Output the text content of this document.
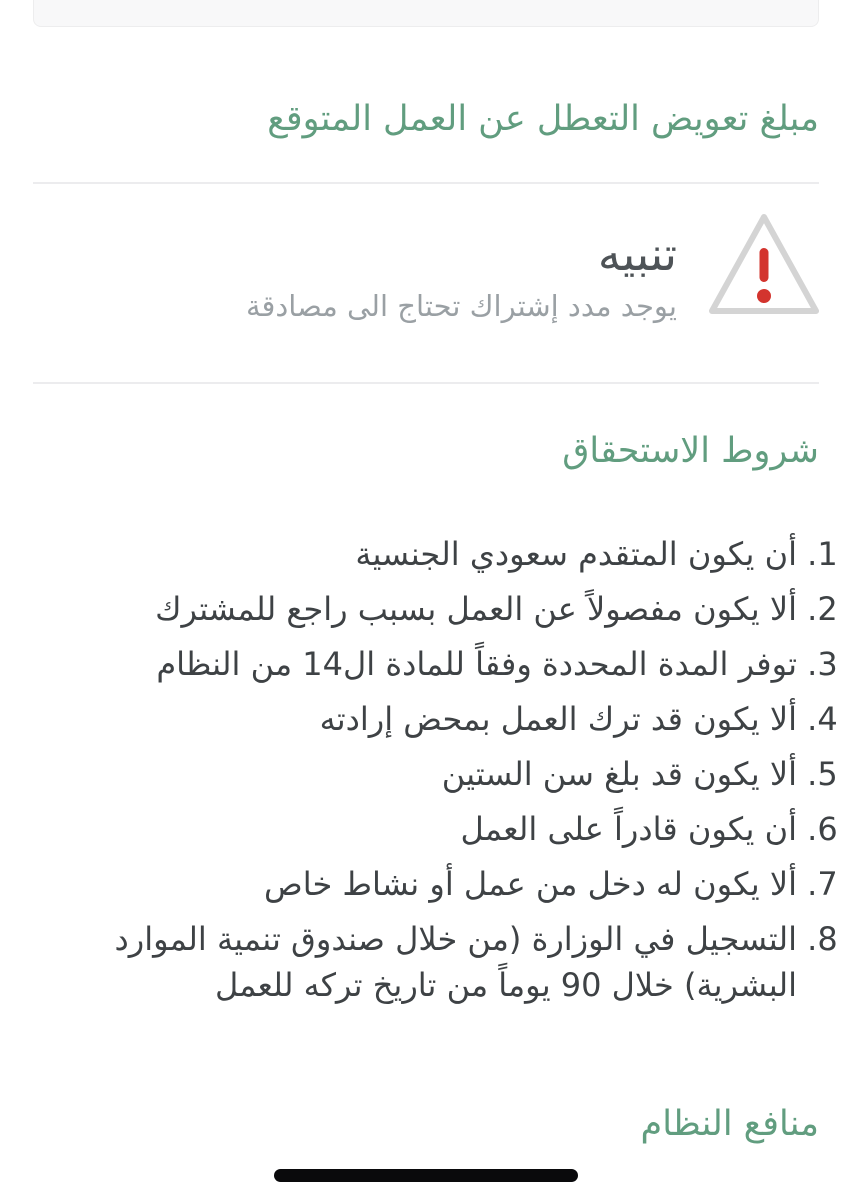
مبلغ تعويض التعطل عن العمل المتوقع
تنبيه
يوجد مدد إشتراك تحتاج الى مصادقة
شروط الاستحقاق
1. أن يكون المتقدم سعودي الجنسية
2. ألا يكون مفصولاً عن العمل بسبب راجع للمشترك
3. توفر المدة المحددة وفقاً للمادة ال14 من النظام
4. ألا يكون قد ترك العمل بمحض إرادته
5. ألا يكون قد بلغ سن الستين
6. أن يكون قادراً على العمل
7. ألا يكون له دخل من عمل أو نشاط خاص
8. التسجيل في الوزارة (من خلال صندوق تنمية الموارد البشرية) خلال 90 يوماً من تاريخ تركه للعمل
منافع النظام
